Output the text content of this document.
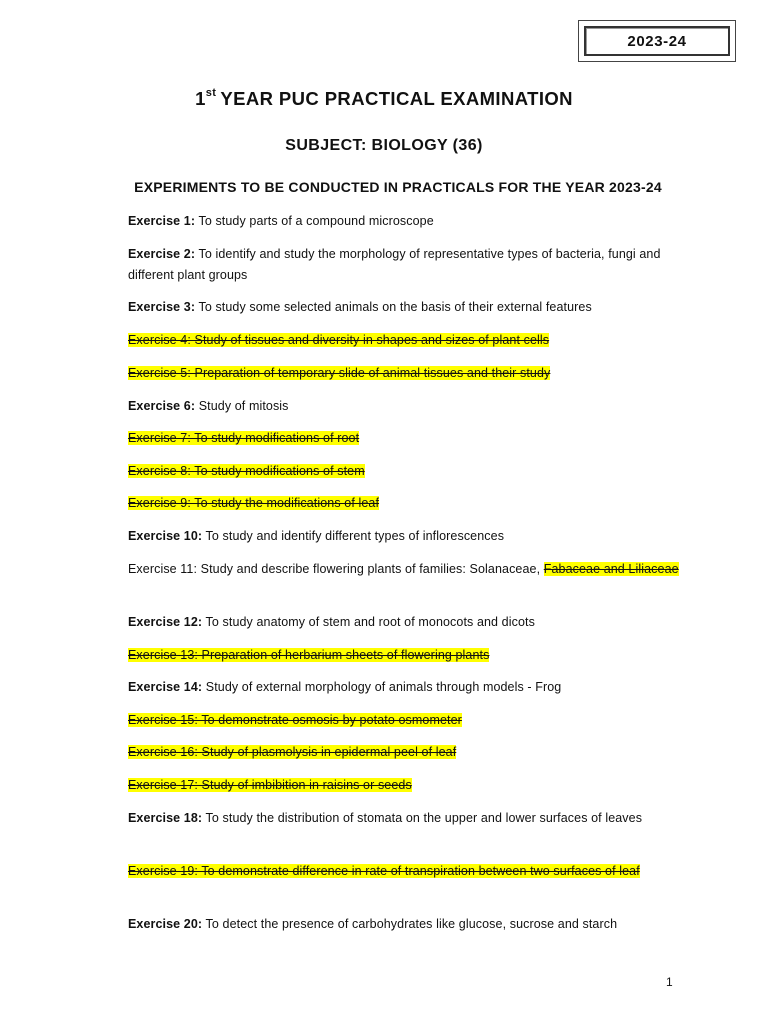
2023-24
1st YEAR PUC PRACTICAL EXAMINATION
SUBJECT: BIOLOGY (36)
EXPERIMENTS TO BE CONDUCTED IN PRACTICALS FOR THE YEAR 2023-24
Exercise 1: To study parts of a compound microscope
Exercise 2: To identify and study the morphology of representative types of bacteria, fungi and different plant groups
Exercise 3: To study some selected animals on the basis of their external features
Exercise 4: Study of tissues and diversity in shapes and sizes of plant cells
Exercise 5: Preparation of temporary slide of animal tissues and their study
Exercise 6: Study of mitosis
Exercise 7: To study modifications of root
Exercise 8: To study modifications of stem
Exercise 9: To study the modifications of leaf
Exercise 10: To study and identify different types of inflorescences
Exercise 11: Study and describe flowering plants of families: Solanaceae, Fabaceae and Liliaceae
Exercise 12: To study anatomy of stem and root of monocots and dicots
Exercise 13: Preparation of herbarium sheets of flowering plants
Exercise 14: Study of external morphology of animals through models - Frog
Exercise 15: To demonstrate osmosis by potato osmometer
Exercise 16: Study of plasmolysis in epidermal peel of leaf
Exercise 17: Study of imbibition in raisins or seeds
Exercise 18: To study the distribution of stomata on the upper and lower surfaces of leaves
Exercise 19: To demonstrate difference in rate of transpiration between two surfaces of leaf
Exercise 20: To detect the presence of carbohydrates like glucose, sucrose and starch
1
